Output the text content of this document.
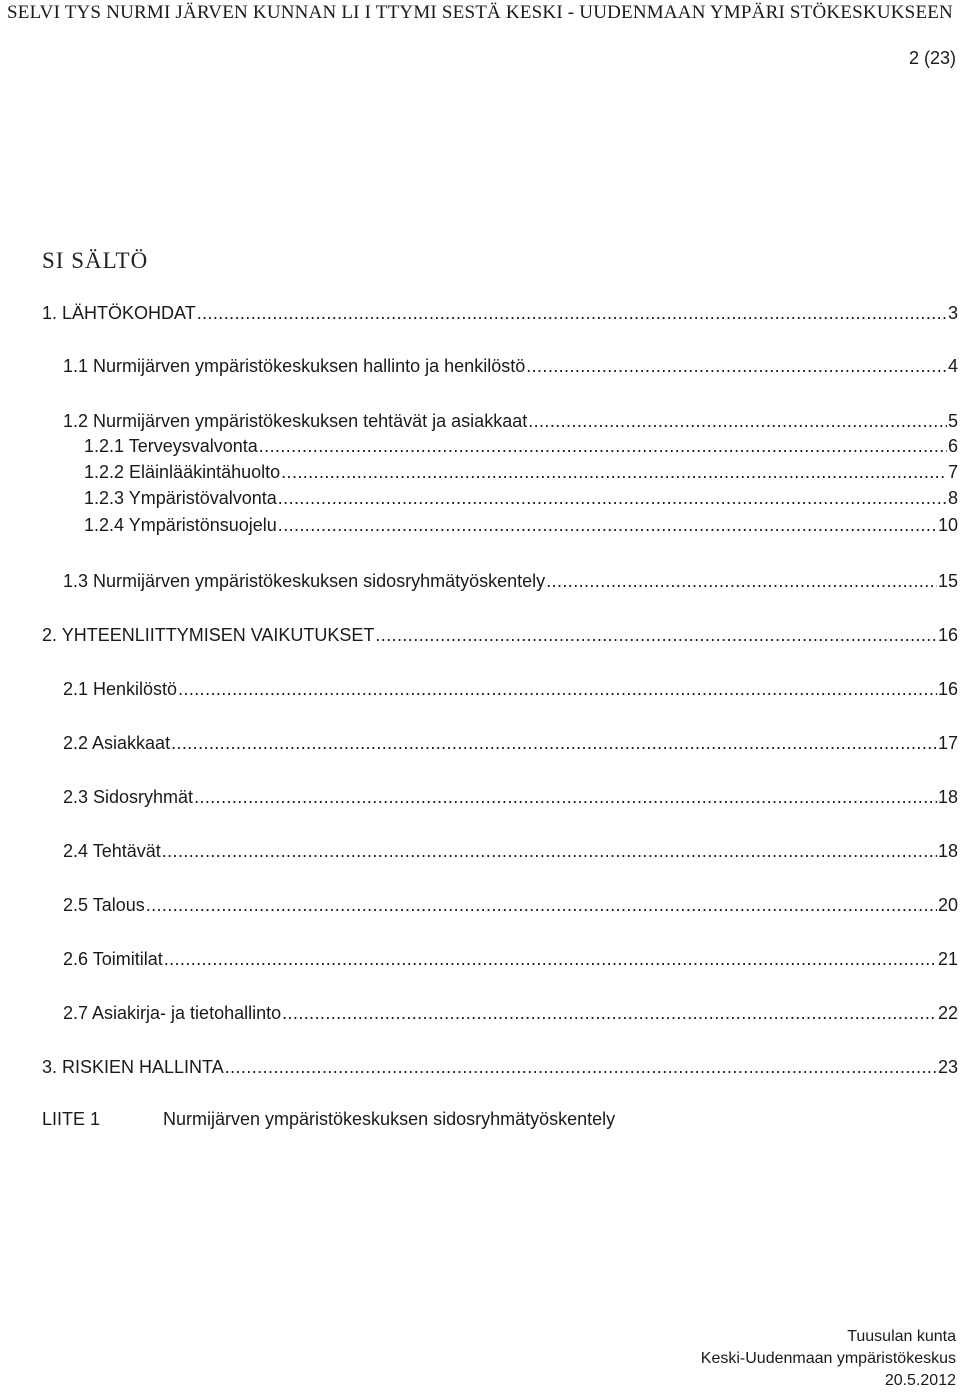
SELVI TYS NURMI JÄRVEN KUNNAN LI I TTYMI SESTÄ KESKI - UUDENMAAN YMPÄRI STÖKESKUKSEEN
2 (23)
SI SÄLTÖ
1. LÄHTÖKOHDAT .....	3
1.1 Nurmijärven ympäristökeskuksen hallinto ja henkilöstö .....	4
1.2 Nurmijärven ympäristökeskuksen tehtävät ja asiakkaat .....	5
1.2.1 Terveysvalvonta .....	6
1.2.2 Eläinlääkintähuolto .....	7
1.2.3 Ympäristövalvonta .....	8
1.2.4 Ympäristönsuojelu .....	10
1.3 Nurmijärven ympäristökeskuksen sidosryhmätyöskentely .....	15
2. YHTEENLIITTYMISEN VAIKUTUKSET .....	16
2.1 Henkilöstö .....	16
2.2 Asiakkaat .....	17
2.3 Sidosryhmät .....	18
2.4 Tehtävät .....	18
2.5 Talous .....	20
2.6 Toimitilat .....	21
2.7 Asiakirja- ja tietohallinto .....	22
3. RISKIEN HALLINTA .....	23
LIITE 1	Nurmijärven ympäristökeskuksen sidosryhmätyöskentely
Tuusulan kunta
Keski-Uudenmaan ympäristökeskus
20.5.2012
